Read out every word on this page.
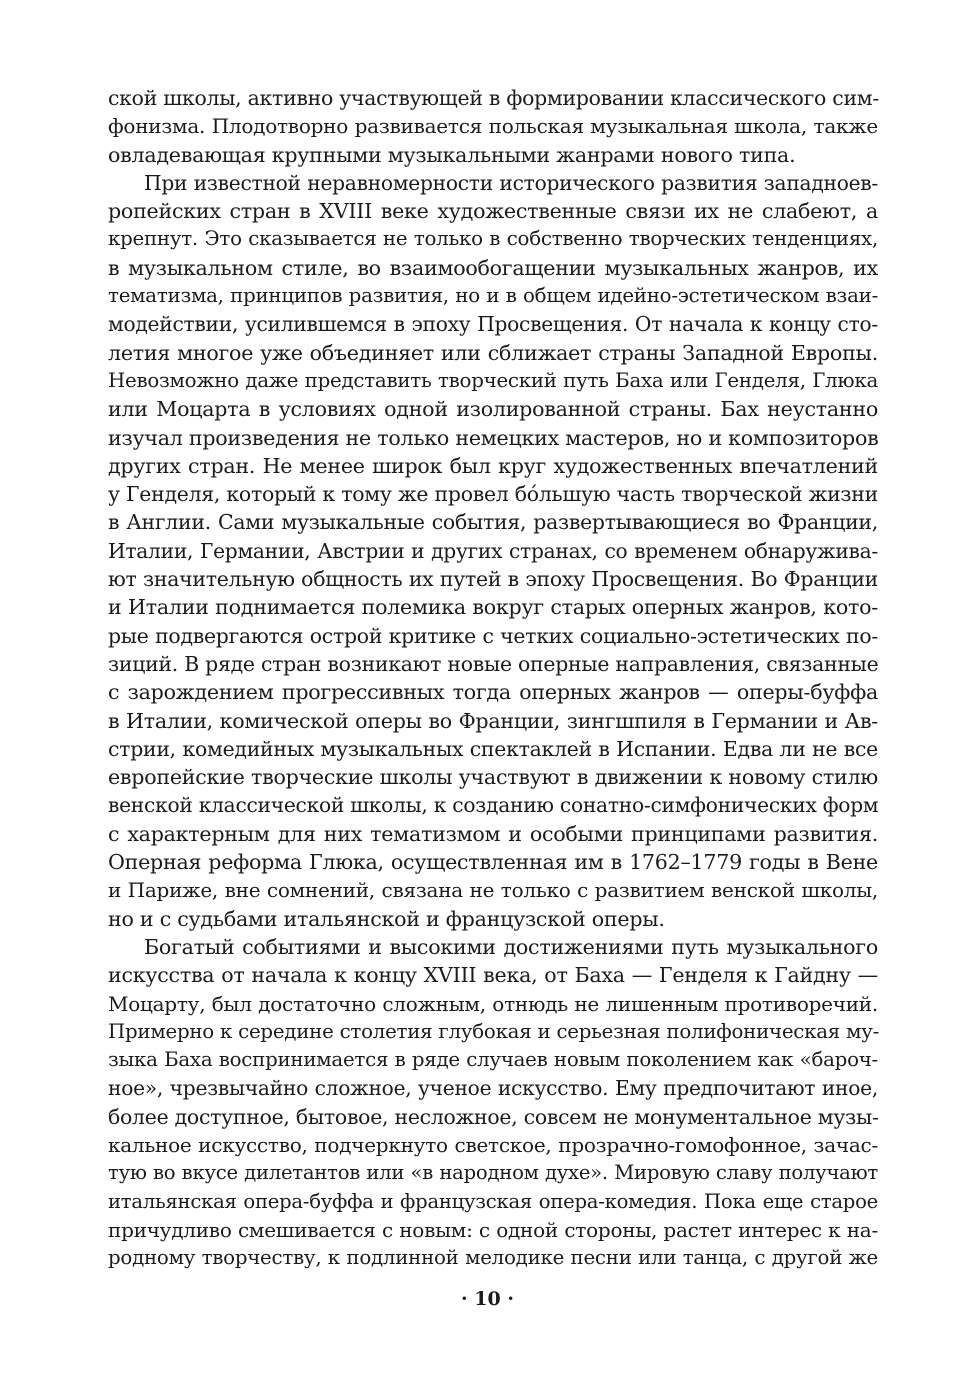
ской школы, активно участвующей в формировании классического сим-
фонизма. Плодотворно развивается польская музыкальная школа, также
овладевающая крупными музыкальными жанрами нового типа.
При известной неравномерности исторического развития западноев-
ропейских стран в XVIII веке художественные связи их не слабеют, а
крепнут. Это сказывается не только в собственно творческих тенденциях,
в музыкальном стиле, во взаимообогащении музыкальных жанров, их
тематизма, принципов развития, но и в общем идейно-эстетическом взаи-
модействии, усилившемся в эпоху Просвещения. От начала к концу сто-
летия многое уже объединяет или сближает страны Западной Европы.
Невозможно даже представить творческий путь Баха или Генделя, Глюка
или Моцарта в условиях одной изолированной страны. Бах неустанно
изучал произведения не только немецких мастеров, но и композиторов
других стран. Не менее широк был круг художественных впечатлений
у Генделя, который к тому же провел бóльшую часть творческой жизни
в Англии. Сами музыкальные события, развертывающиеся во Франции,
Италии, Германии, Австрии и других странах, со временем обнаружива-
ют значительную общность их путей в эпоху Просвещения. Во Франции
и Италии поднимается полемика вокруг старых оперных жанров, кото-
рые подвергаются острой критике с четких социально-эстетических по-
зиций. В ряде стран возникают новые оперные направления, связанные
с зарождением прогрессивных тогда оперных жанров — оперы-буффа
в Италии, комической оперы во Франции, зингшпиля в Германии и Ав-
стрии, комедийных музыкальных спектаклей в Испании. Едва ли не все
европейские творческие школы участвуют в движении к новому стилю
венской классической школы, к созданию сонатно-симфонических форм
с характерным для них тематизмом и особыми принципами развития.
Оперная реформа Глюка, осуществленная им в 1762–1779 годы в Вене
и Париже, вне сомнений, связана не только с развитием венской школы,
но и с судьбами итальянской и французской оперы.
Богатый событиями и высокими достижениями путь музыкального
искусства от начала к концу XVIII века, от Баха — Генделя к Гайдну —
Моцарту, был достаточно сложным, отнюдь не лишенным противоречий.
Примерно к середине столетия глубокая и серьезная полифоническая му-
зыка Баха воспринимается в ряде случаев новым поколением как «бароч-
ное», чрезвычайно сложное, ученое искусство. Ему предпочитают иное,
более доступное, бытовое, несложное, совсем не монументальное музы-
кальное искусство, подчеркнуто светское, прозрачно-гомофонное, зачас-
тую во вкусе дилетантов или «в народном духе». Мировую славу получают
итальянская опера-буффа и французская опера-комедия. Пока еще старое
причудливо смешивается с новым: с одной стороны, растет интерес к на-
родному творчеству, к подлинной мелодике песни или танца, с другой же
· 10 ·
